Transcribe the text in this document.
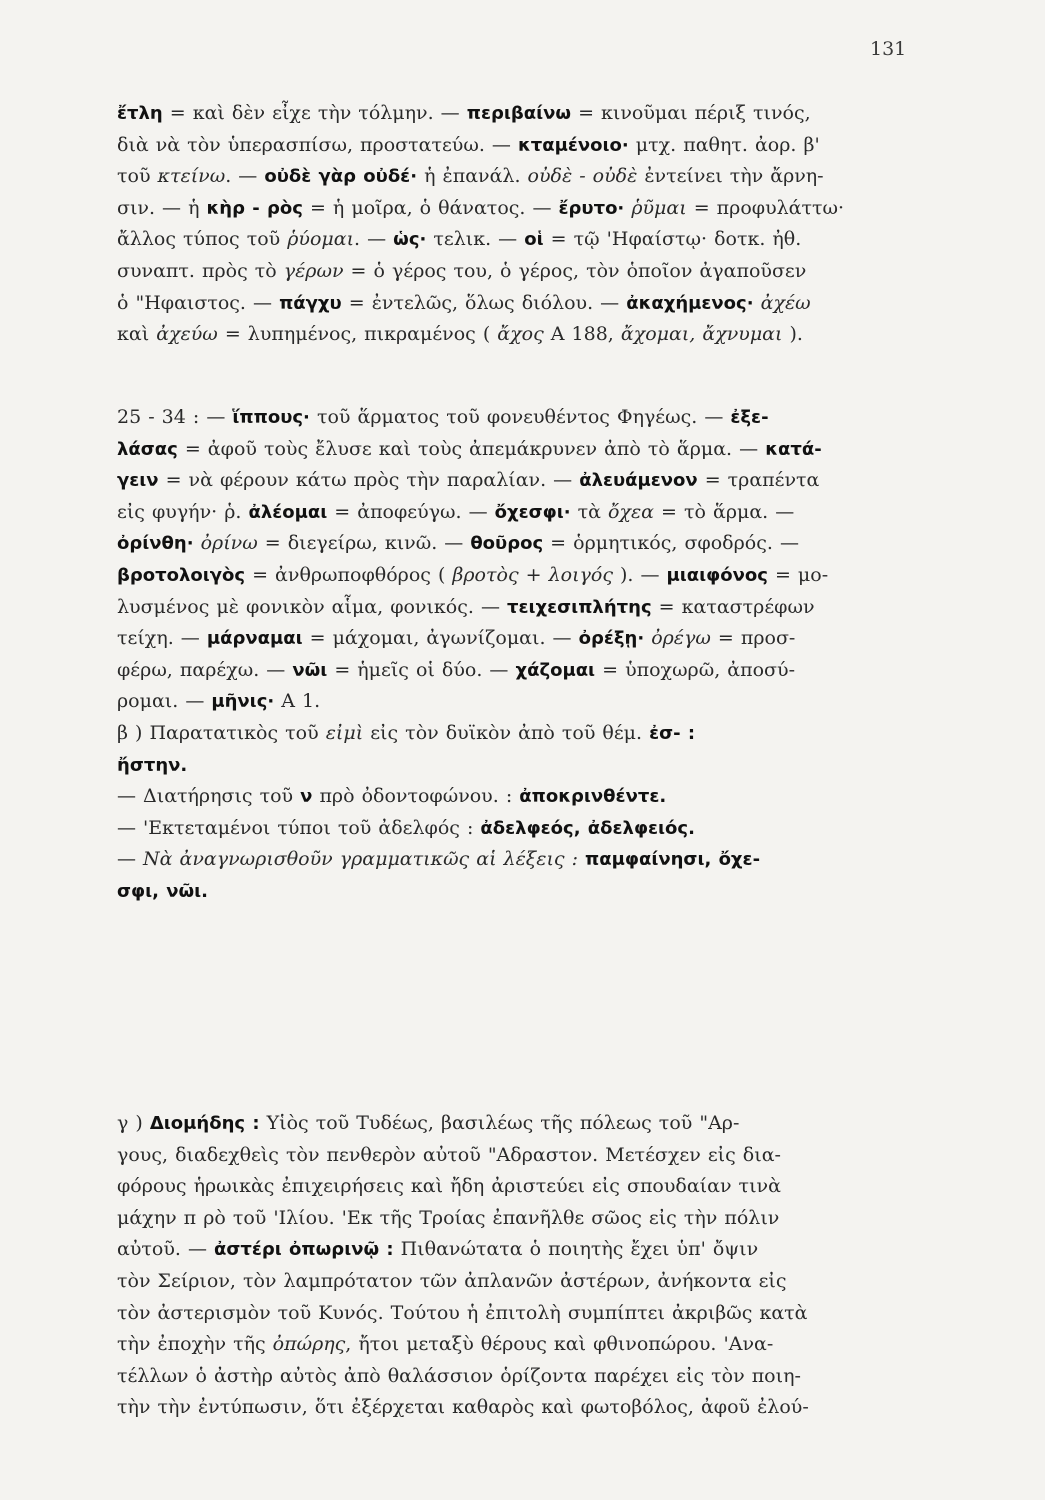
131
ἔτλη = καὶ δὲν εἶχε τὴν τόλμην. — περιβαίνω = κινοῦμαι πέριξ τινός,
διὰ νὰ τὸν ὑπερασπίσω, προστατεύω. — κταμένοιο· μτχ. παθητ. ἀορ. β'
τοῦ κτείνω. — οὐδὲ γὰρ οὐδέ· ἡ ἐπανάλ. οὐδὲ - οὐδὲ ἐντείνει τὴν ἄρνη-
σιν. — ἡ κὴρ - ρὸς = ἡ μοῖρα, ὁ θάνατος. — ἔρυτο· ῥῦμαι = προφυλάττω·
ἄλλος τύπος τοῦ ῥύομαι. — ὡς· τελικ. — οἱ = τῷ 'Ηφαίστῳ· δοτκ. ἠθ.
συναπτ. πρὸς τὸ γέρων = ὁ γέρος του, ὁ γέρος, τὸν ὁποῖον ἀγαποῦσεν
ὁ "Ηφαιστος. — πάγχυ = ἐντελῶς, ὅλως διόλου. — ἀκαχήμενος· ἀχέω
καὶ ἀχεύω = λυπημένος, πικραμένος ( ἄχος Α 188, ἄχομαι, ἄχνυμαι ).
25 - 34 : — ἵππους· τοῦ ἅρματος τοῦ φονευθέντος Φηγέως. — ἐξε-
λάσας = ἀφοῦ τοὺς ἔλυσε καὶ τοὺς ἀπεμάκρυνεν ἀπὸ τὸ ἅρμα. — κατά-
γειν = νὰ φέρουν κάτω πρὸς τὴν παραλίαν. — ἀλευάμενον = τραπέντα
εἰς φυγήν· ῥ. ἀλέομαι = ἀποφεύγω. — ὄχεσφι· τὰ ὄχεα = τὸ ἅρμα. —
ὀρίνθη· ὀρίνω = διεγείρω, κινῶ. — θοῦρος = ὁρμητικός, σφοδρός. —
βροτολοιγὸς = ἀνθρωποφθόρος ( βροτὸς + λοιγός ). — μιαιφόνος = μο-
λυσμένος μὲ φονικὸν αἷμα, φονικός. — τειχεσιπλήτης = καταστρέφων
τείχη. — μάρναμαι = μάχομαι, ἀγωνίζομαι. — ὀρέξῃ· ὀρέγω = προσ-
φέρω, παρέχω. — νῶι = ἡμεῖς οἱ δύο. — χάζομαι = ὑποχωρῶ, ἀποσύ-
ρομαι. — μῆνις· Α 1.
β ) Παρατατικὸς τοῦ εἰμὶ εἰς τὸν δυϊκὸν ἀπὸ τοῦ θέμ. ἐσ- :
ἤστην.
— Διατήρησις τοῦ ν πρὸ ὀδοντοφώνου. : ἀποκρινθέντε.
— 'Εκτεταμένοι τύποι τοῦ ἀδελφός : ἀδελφεός, ἀδελφειός.
— Νὰ ἀναγνωρισθοῦν γραμματικῶς αἱ λέξεις : παμφαίνησι, ὄχε-
σφι, νῶι.
γ ) Διομήδης : Υἱὸς τοῦ Τυδέως, βασιλέως τῆς πόλεως τοῦ "Αρ-
γους, διαδεχθεὶς τὸν πενθερὸν αὐτοῦ "Αδραστον. Μετέσχεν εἰς δια-
φόρους ἡρωικὰς ἐπιχειρήσεις καὶ ἤδη ἀριστεύει εἰς σπουδαίαν τινὰ
μάχην π ρὸ τοῦ 'Ιλίου. 'Εκ τῆς Τροίας ἐπανῆλθε σῶος εἰς τὴν πόλιν
αὐτοῦ. — ἀστέρι ὀπωρινῷ : Πιθανώτατα ὁ ποιητὴς ἔχει ὑπ' ὄψιν
τὸν Σείριον, τὸν λαμπρότατον τῶν ἀπλανῶν ἀστέρων, ἀνήκοντα εἰς
τὸν ἀστερισμὸν τοῦ Κυνός. Τούτου ἡ ἐπιτολὴ συμπίπτει ἀκριβῶς κατὰ
τὴν ἐποχὴν τῆς ὀπώρης, ἤτοι μεταξὺ θέρους καὶ φθινοπώρου. 'Ανα-
τέλλων ὁ ἀστὴρ αὐτὸς ἀπὸ θαλάσσιον ὁρίζοντα παρέχει εἰς τὸν ποιη-
τὴν τὴν ἐντύπωσιν, ὅτι ἐξέρχεται καθαρὸς καὶ φωτοβόλος, ἀφοῦ ἐλού-
